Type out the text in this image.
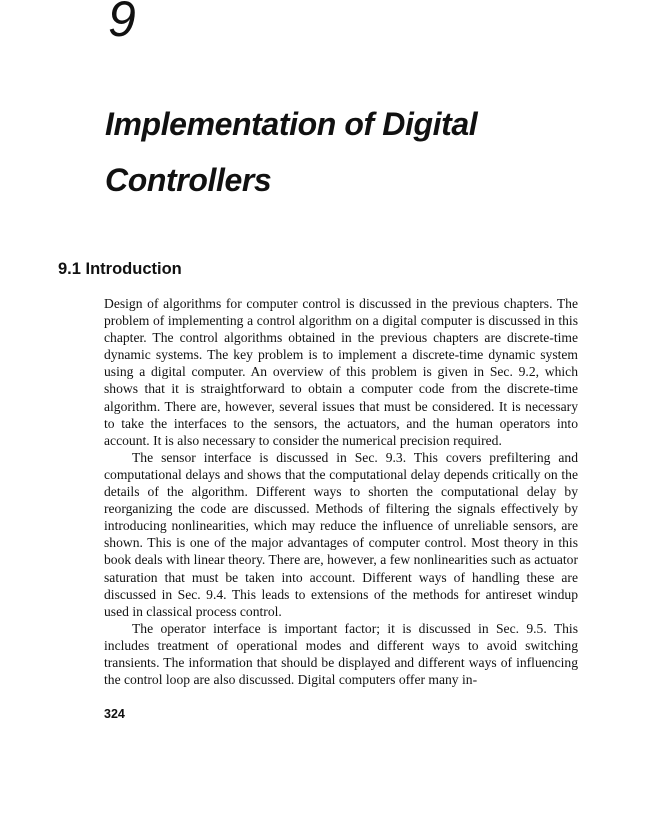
9
Implementation of Digital Controllers
9.1 Introduction

Design of algorithms for computer control is discussed in the previous chapters. The problem of implementing a control algorithm on a digital computer is discussed in this chapter. The control algorithms obtained in the previous chapters are discrete-time dynamic systems. The key problem is to implement a discrete-time dynamic system using a digital computer. An overview of this problem is given in Sec. 9.2, which shows that it is straightforward to obtain a computer code from the discrete-time algorithm. There are, however, several issues that must be considered. It is necessary to take the interfaces to the sensors, the actuators, and the human operators into account. It is also necessary to consider the numerical precision required.

The sensor interface is discussed in Sec. 9.3. This covers prefiltering and computational delays and shows that the computational delay depends critically on the details of the algorithm. Different ways to shorten the computational delay by reorganizing the code are discussed. Methods of filtering the signals effectively by introducing nonlinearities, which may reduce the influence of unreliable sensors, are shown. This is one of the major advantages of computer control. Most theory in this book deals with linear theory. There are, however, a few nonlinearities such as actuator saturation that must be taken into account. Different ways of handling these are discussed in Sec. 9.4. This leads to extensions of the methods for antireset windup used in classical process control.

The operator interface is important factor; it is discussed in Sec. 9.5. This includes treatment of operational modes and different ways to avoid switching transients. The information that should be displayed and different ways of influencing the control loop are also discussed. Digital computers offer many in-

324
